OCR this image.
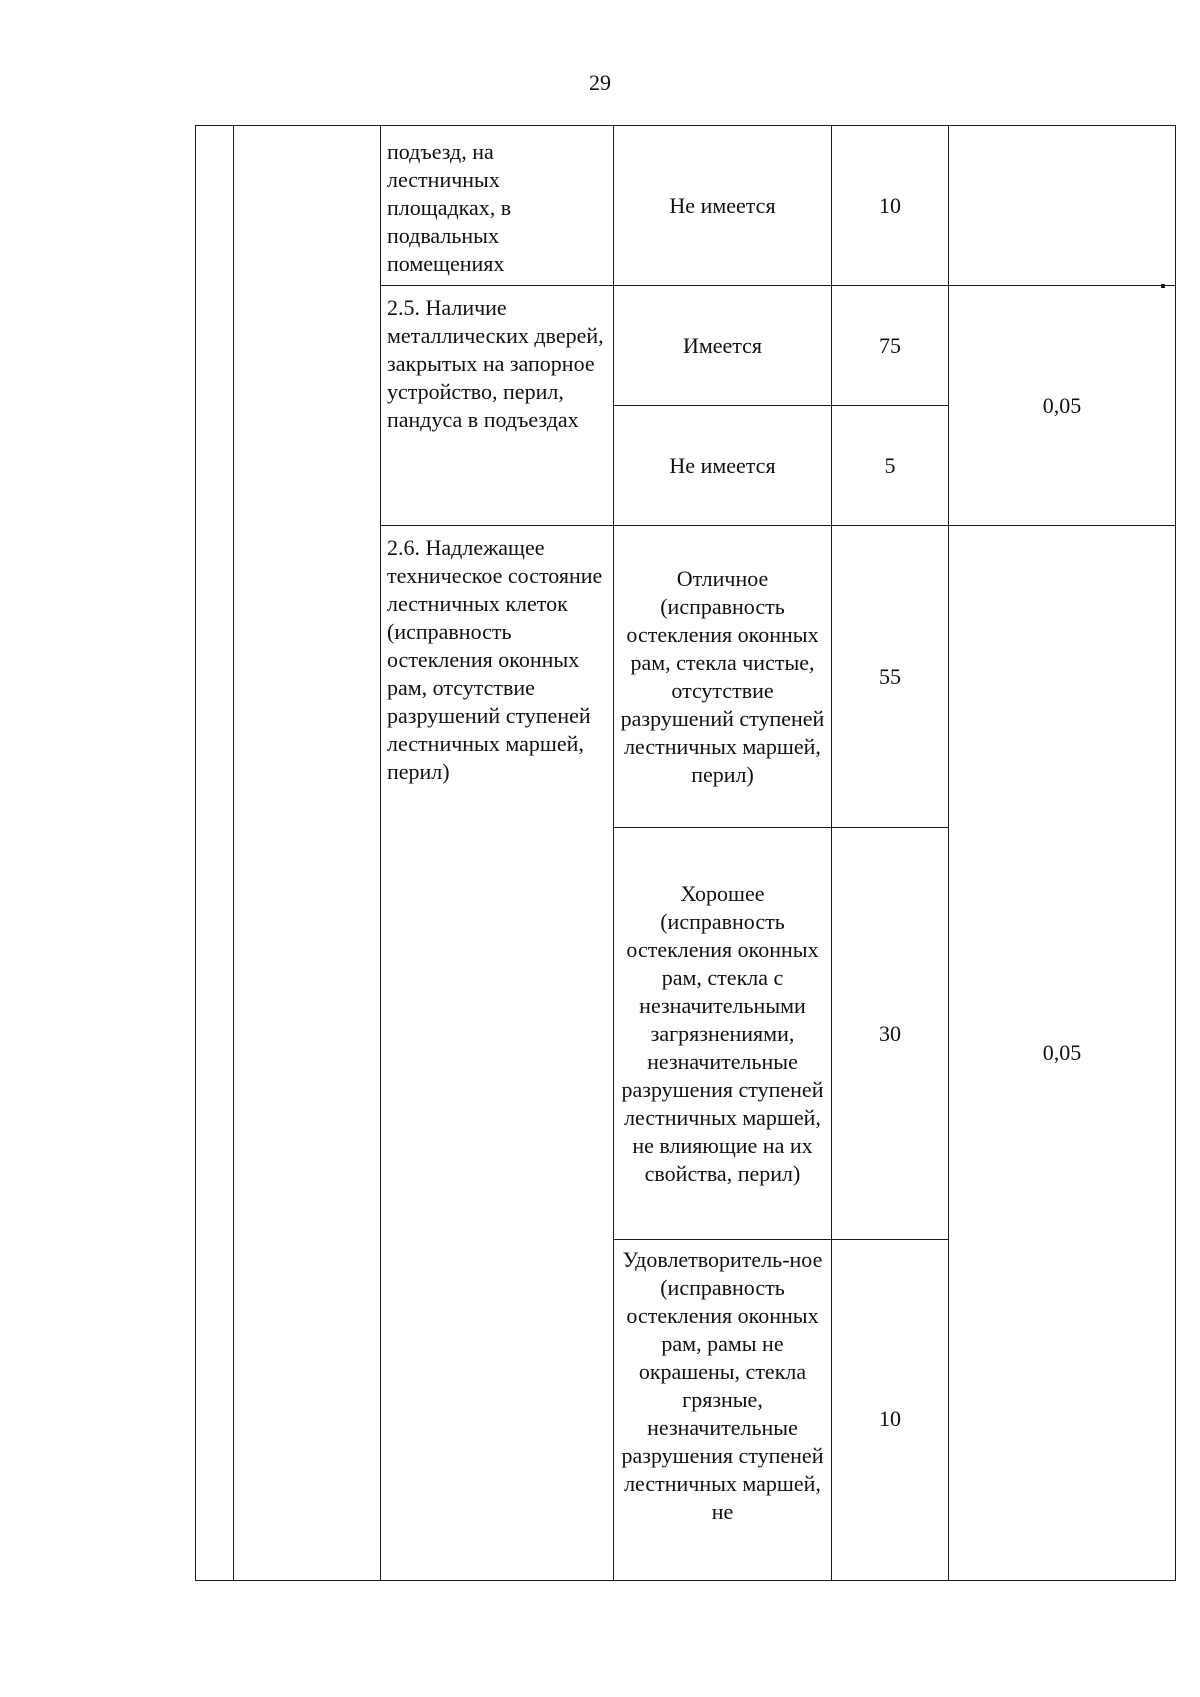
29
		подъезд, на лестничных площадках, в подвальных помещениях	Не имеется	10	
		2.5. Наличие металлических дверей, закрытых на запорное устройство, перил, пандуса в подъездах	Имеется	75	0,05
			Не имеется	5	
		2.6. Надлежащее техническое состояние лестничных клеток (исправность остекления оконных рам, отсутствие разрушений ступеней лестничных маршей, перил)	Отличное (исправность остекления оконных рам, стекла чистые, отсутствие разрушений ступеней лестничных маршей, перил)	55	0,05
			Хорошее (исправность остекления оконных рам, стекла с незначительными загрязнениями, незначительные разрушения ступеней лестничных маршей, не влияющие на их свойства, перил)	30	
			Удовлетворитель-ное (исправность остекления оконных рам, рамы не окрашены, стекла грязные, незначительные разрушения ступеней лестничных маршей, не	10	
▪
